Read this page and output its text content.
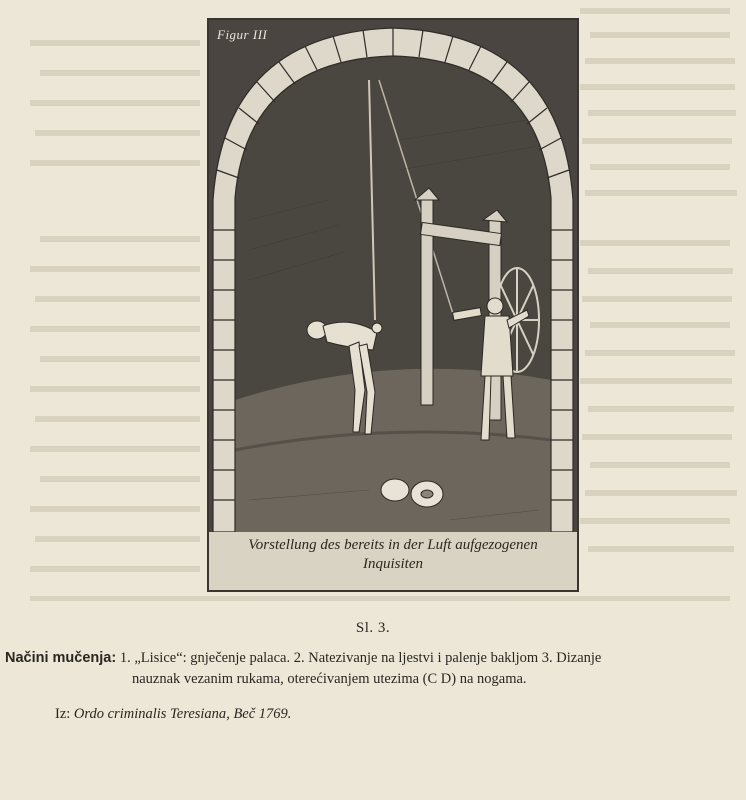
Figur III
Vorstellung des bereits in der Luft aufgezogenen
Inquisiten
Sl. 3.
Načini mučenja: 1. „Lisice“: gnječenje palaca. 2. Natezivanje na ljestvi i palenje bakljom 3. Dizanje
nauznak vezanim rukama, oterećivanjem utezima (C D) na nogama.
Iz: Ordo criminalis Teresiana, Beč 1769.
